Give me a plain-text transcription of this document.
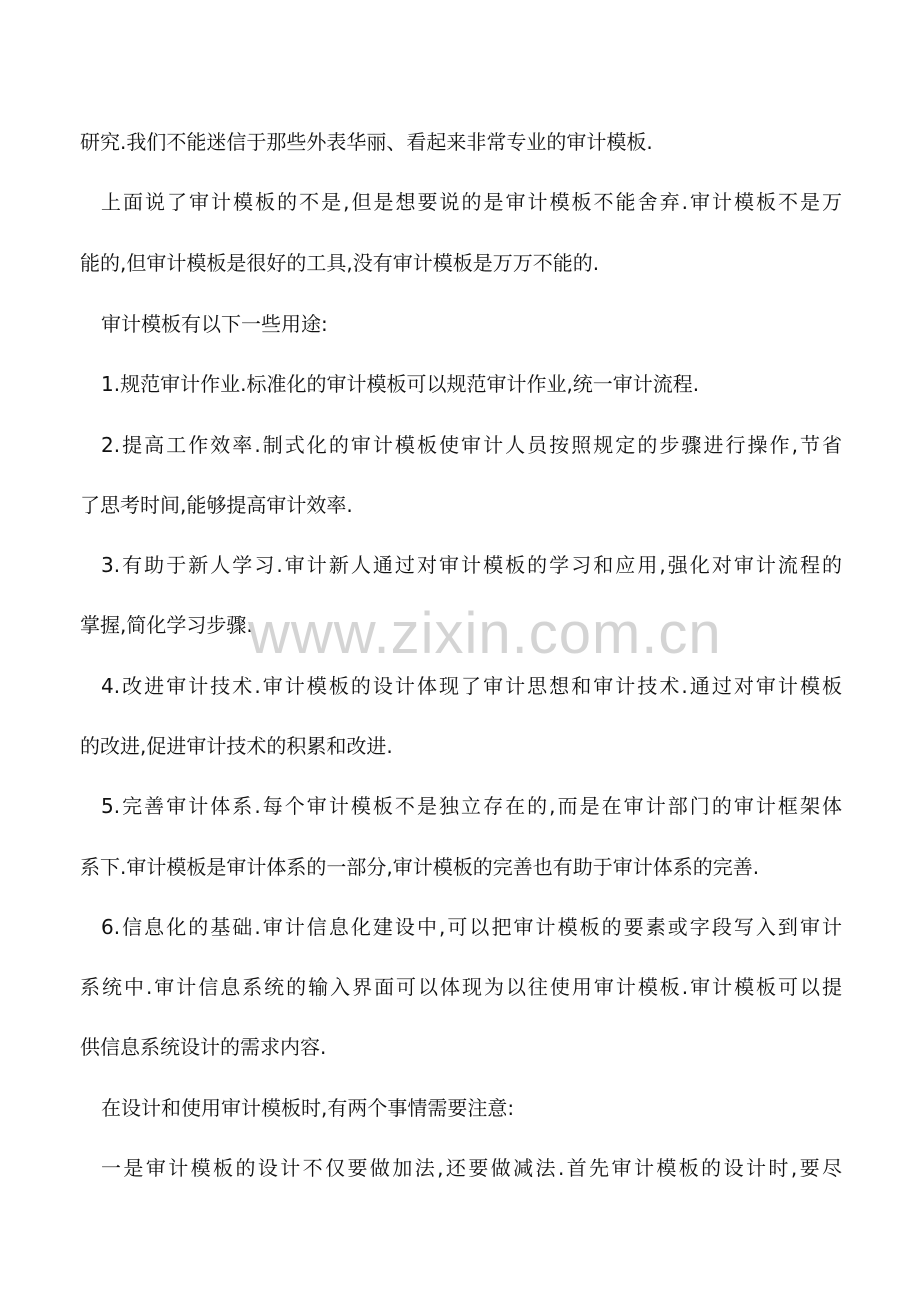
研究.我们不能迷信于那些外表华丽、看起来非常专业的审计模板.
上面说了审计模板的不是,但是想要说的是审计模板不能舍弃.审计模板不是万
能的,但审计模板是很好的工具,没有审计模板是万万不能的.
审计模板有以下一些用途:
1.规范审计作业.标准化的审计模板可以规范审计作业,统一审计流程.
2.提高工作效率.制式化的审计模板使审计人员按照规定的步骤进行操作,节省
了思考时间,能够提高审计效率.
3.有助于新人学习.审计新人通过对审计模板的学习和应用,强化对审计流程的
掌握,简化学习步骤.
4.改进审计技术.审计模板的设计体现了审计思想和审计技术.通过对审计模板
的改进,促进审计技术的积累和改进.
5.完善审计体系.每个审计模板不是独立存在的,而是在审计部门的审计框架体
系下.审计模板是审计体系的一部分,审计模板的完善也有助于审计体系的完善.
6.信息化的基础.审计信息化建设中,可以把审计模板的要素或字段写入到审计
系统中.审计信息系统的输入界面可以体现为以往使用审计模板.审计模板可以提
供信息系统设计的需求内容.
在设计和使用审计模板时,有两个事情需要注意:
一是审计模板的设计不仅要做加法,还要做减法.首先审计模板的设计时,要尽
www.zixin.com.cn
